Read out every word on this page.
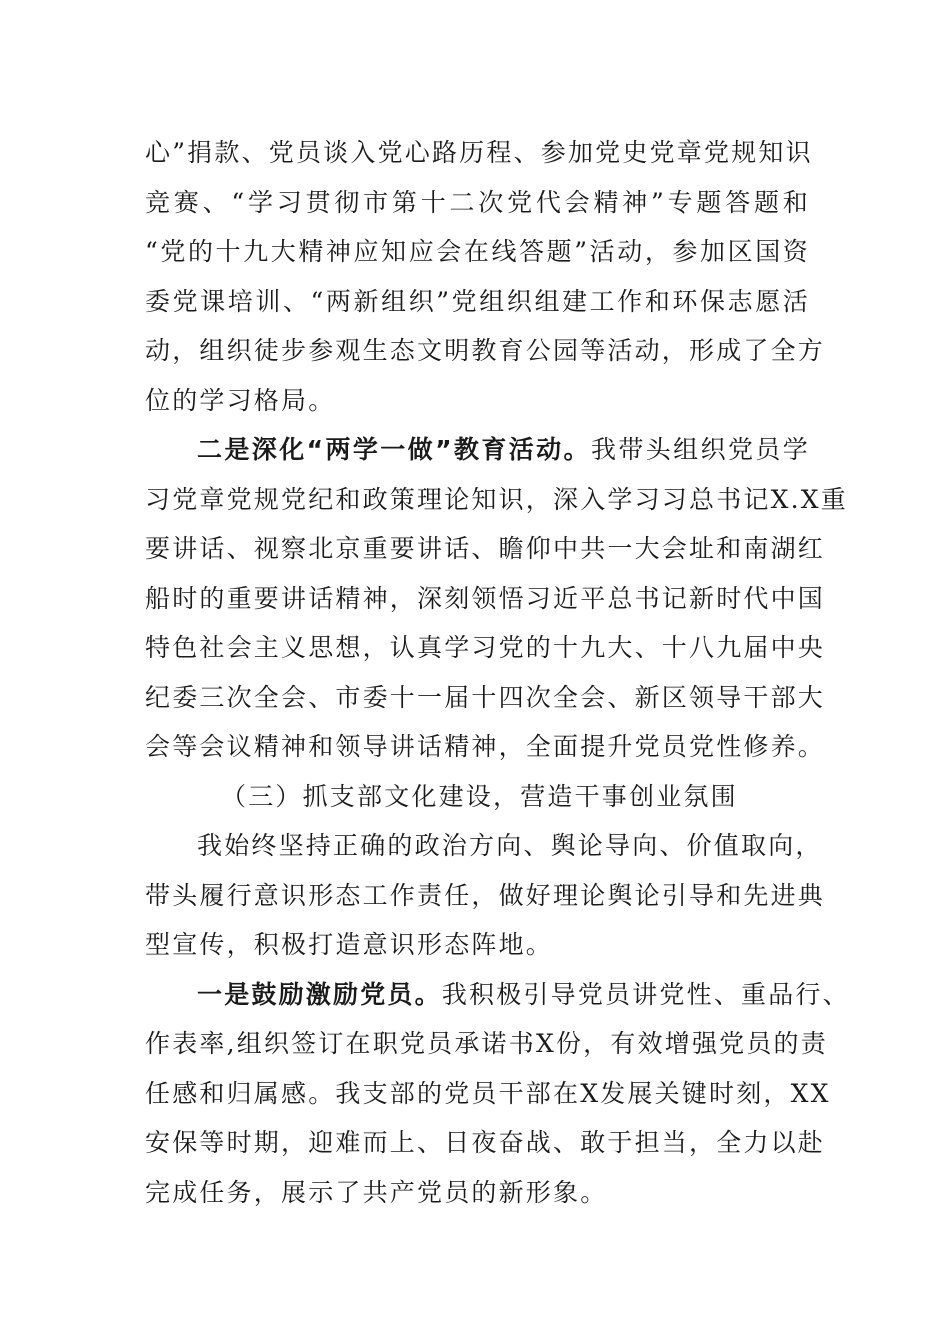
心”捐款、党员谈入党心路历程、参加党史党章党规知识
竞赛、“学习贯彻市第十二次党代会精神”专题答题和
“党的十九大精神应知应会在线答题”活动，参加区国资
委党课培训、“两新组织”党组织组建工作和环保志愿活
动，组织徒步参观生态文明教育公园等活动，形成了全方
位的学习格局。
二是深化“两学一做”教育活动。我带头组织党员学
习党章党规党纪和政策理论知识，深入学习习总书记X.X重
要讲话、视察北京重要讲话、瞻仰中共一大会址和南湖红
船时的重要讲话精神，深刻领悟习近平总书记新时代中国
特色社会主义思想，认真学习党的十九大、十八九届中央
纪委三次全会、市委十一届十四次全会、新区领导干部大
会等会议精神和领导讲话精神，全面提升党员党性修养。
（三）抓支部文化建设，营造干事创业氛围
我始终坚持正确的政治方向、舆论导向、价值取向，
带头履行意识形态工作责任，做好理论舆论引导和先进典
型宣传，积极打造意识形态阵地。
一是鼓励激励党员。我积极引导党员讲党性、重品行、
作表率,组织签订在职党员承诺书X份，有效增强党员的责
任感和归属感。我支部的党员干部在X发展关键时刻，XX
安保等时期，迎难而上、日夜奋战、敢于担当，全力以赴
完成任务，展示了共产党员的新形象。
